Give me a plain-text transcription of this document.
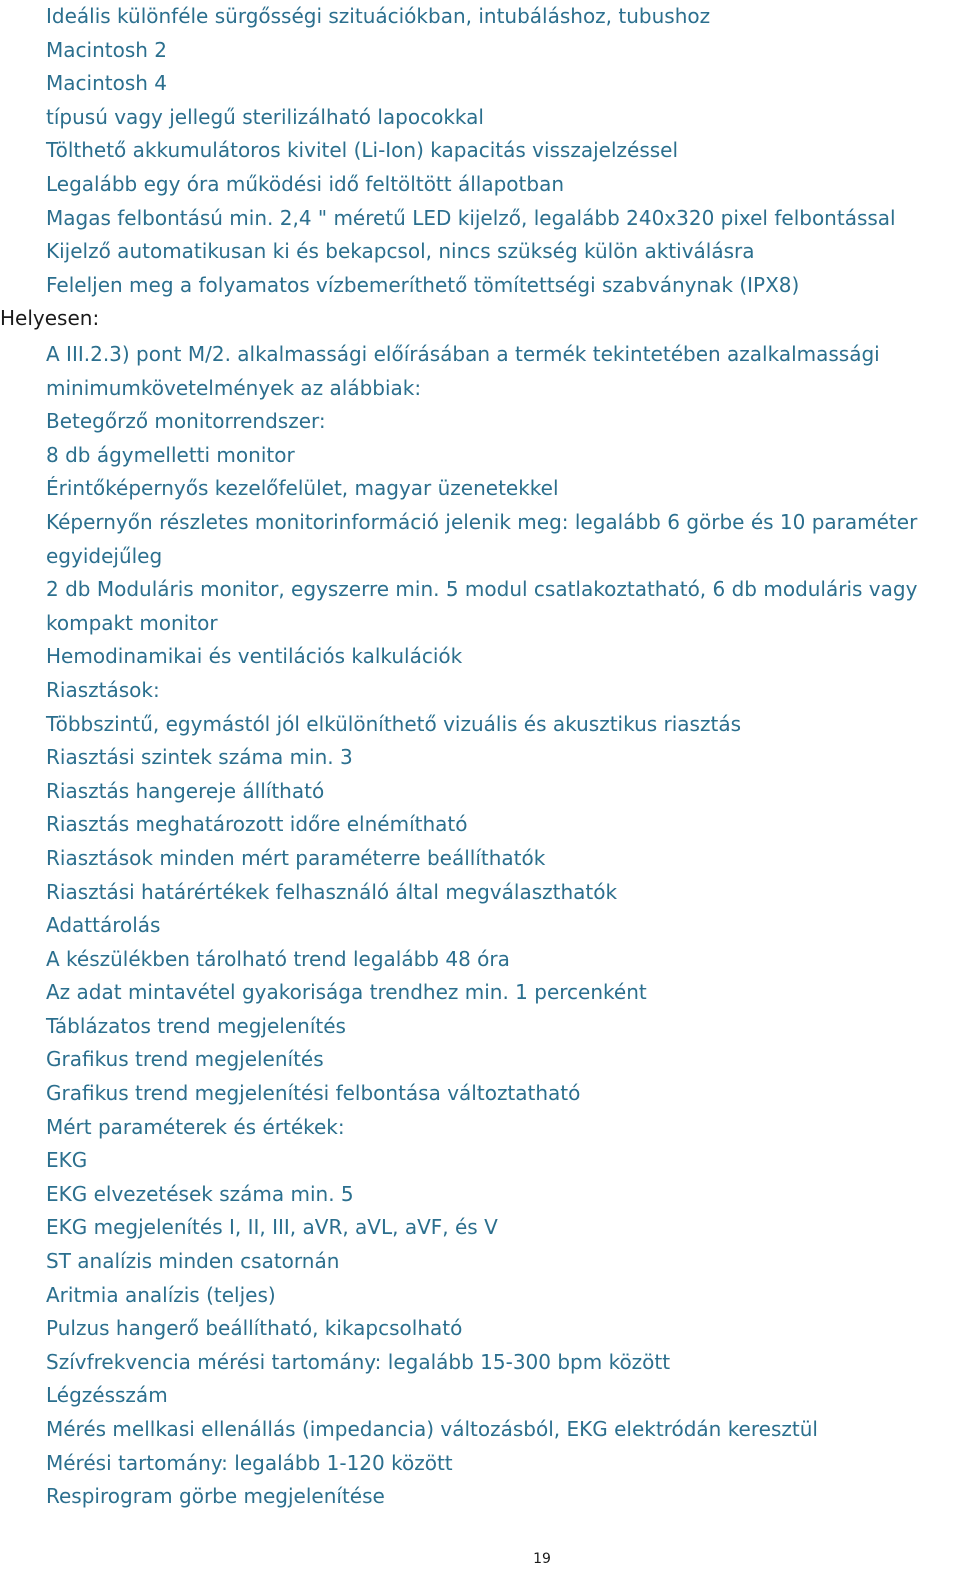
Ideális különféle sürgősségi szituációkban, intubáláshoz, tubushoz
Macintosh 2
Macintosh 4
típusú vagy jellegű sterilizálható lapocokkal
Tölthető akkumulátoros kivitel (Li-Ion) kapacitás visszajelzéssel
Legalább egy óra működési idő feltöltött állapotban
Magas felbontású min. 2,4 " méretű LED kijelző, legalább 240x320 pixel felbontással
Kijelző automatikusan ki és bekapcsol, nincs szükség külön aktiválásra
Feleljen meg a folyamatos vízbemeríthető tömítettségi szabványnak (IPX8)
Helyesen:
A III.2.3) pont M/2. alkalmassági előírásában a termék tekintetében azalkalmassági
minimumkövetelmények az alábbiak:
Betegőrző monitorrendszer:
8 db ágymelletti monitor
Érintőképernyős kezelőfelület, magyar üzenetekkel
Képernyőn részletes monitorinformáció jelenik meg: legalább 6 görbe és 10 paraméter
egyidejűleg
2 db Moduláris monitor, egyszerre min. 5 modul csatlakoztatható, 6 db moduláris vagy
kompakt monitor
Hemodinamikai és ventilációs kalkulációk
Riasztások:
Többszintű, egymástól jól elkülöníthető vizuális és akusztikus riasztás
Riasztási szintek száma min. 3
Riasztás hangereje állítható
Riasztás meghatározott időre elnémítható
Riasztások minden mért paraméterre beállíthatók
Riasztási határértékek felhasználó által megválaszthatók
Adattárolás
A készülékben tárolható trend legalább 48 óra
Az adat mintavétel gyakorisága trendhez min. 1 percenként
Táblázatos trend megjelenítés
Grafikus trend megjelenítés
Grafikus trend megjelenítési felbontása változtatható
Mért paraméterek és értékek:
EKG
EKG elvezetések száma min. 5
EKG megjelenítés I, II, III, aVR, aVL, aVF, és V
ST analízis minden csatornán
Aritmia analízis (teljes)
Pulzus hangerő beállítható, kikapcsolható
Szívfrekvencia mérési tartomány: legalább 15-300 bpm között
Légzésszám
Mérés mellkasi ellenállás (impedancia) változásból, EKG elektródán keresztül
Mérési tartomány: legalább 1-120 között
Respirogram görbe megjelenítése
19
